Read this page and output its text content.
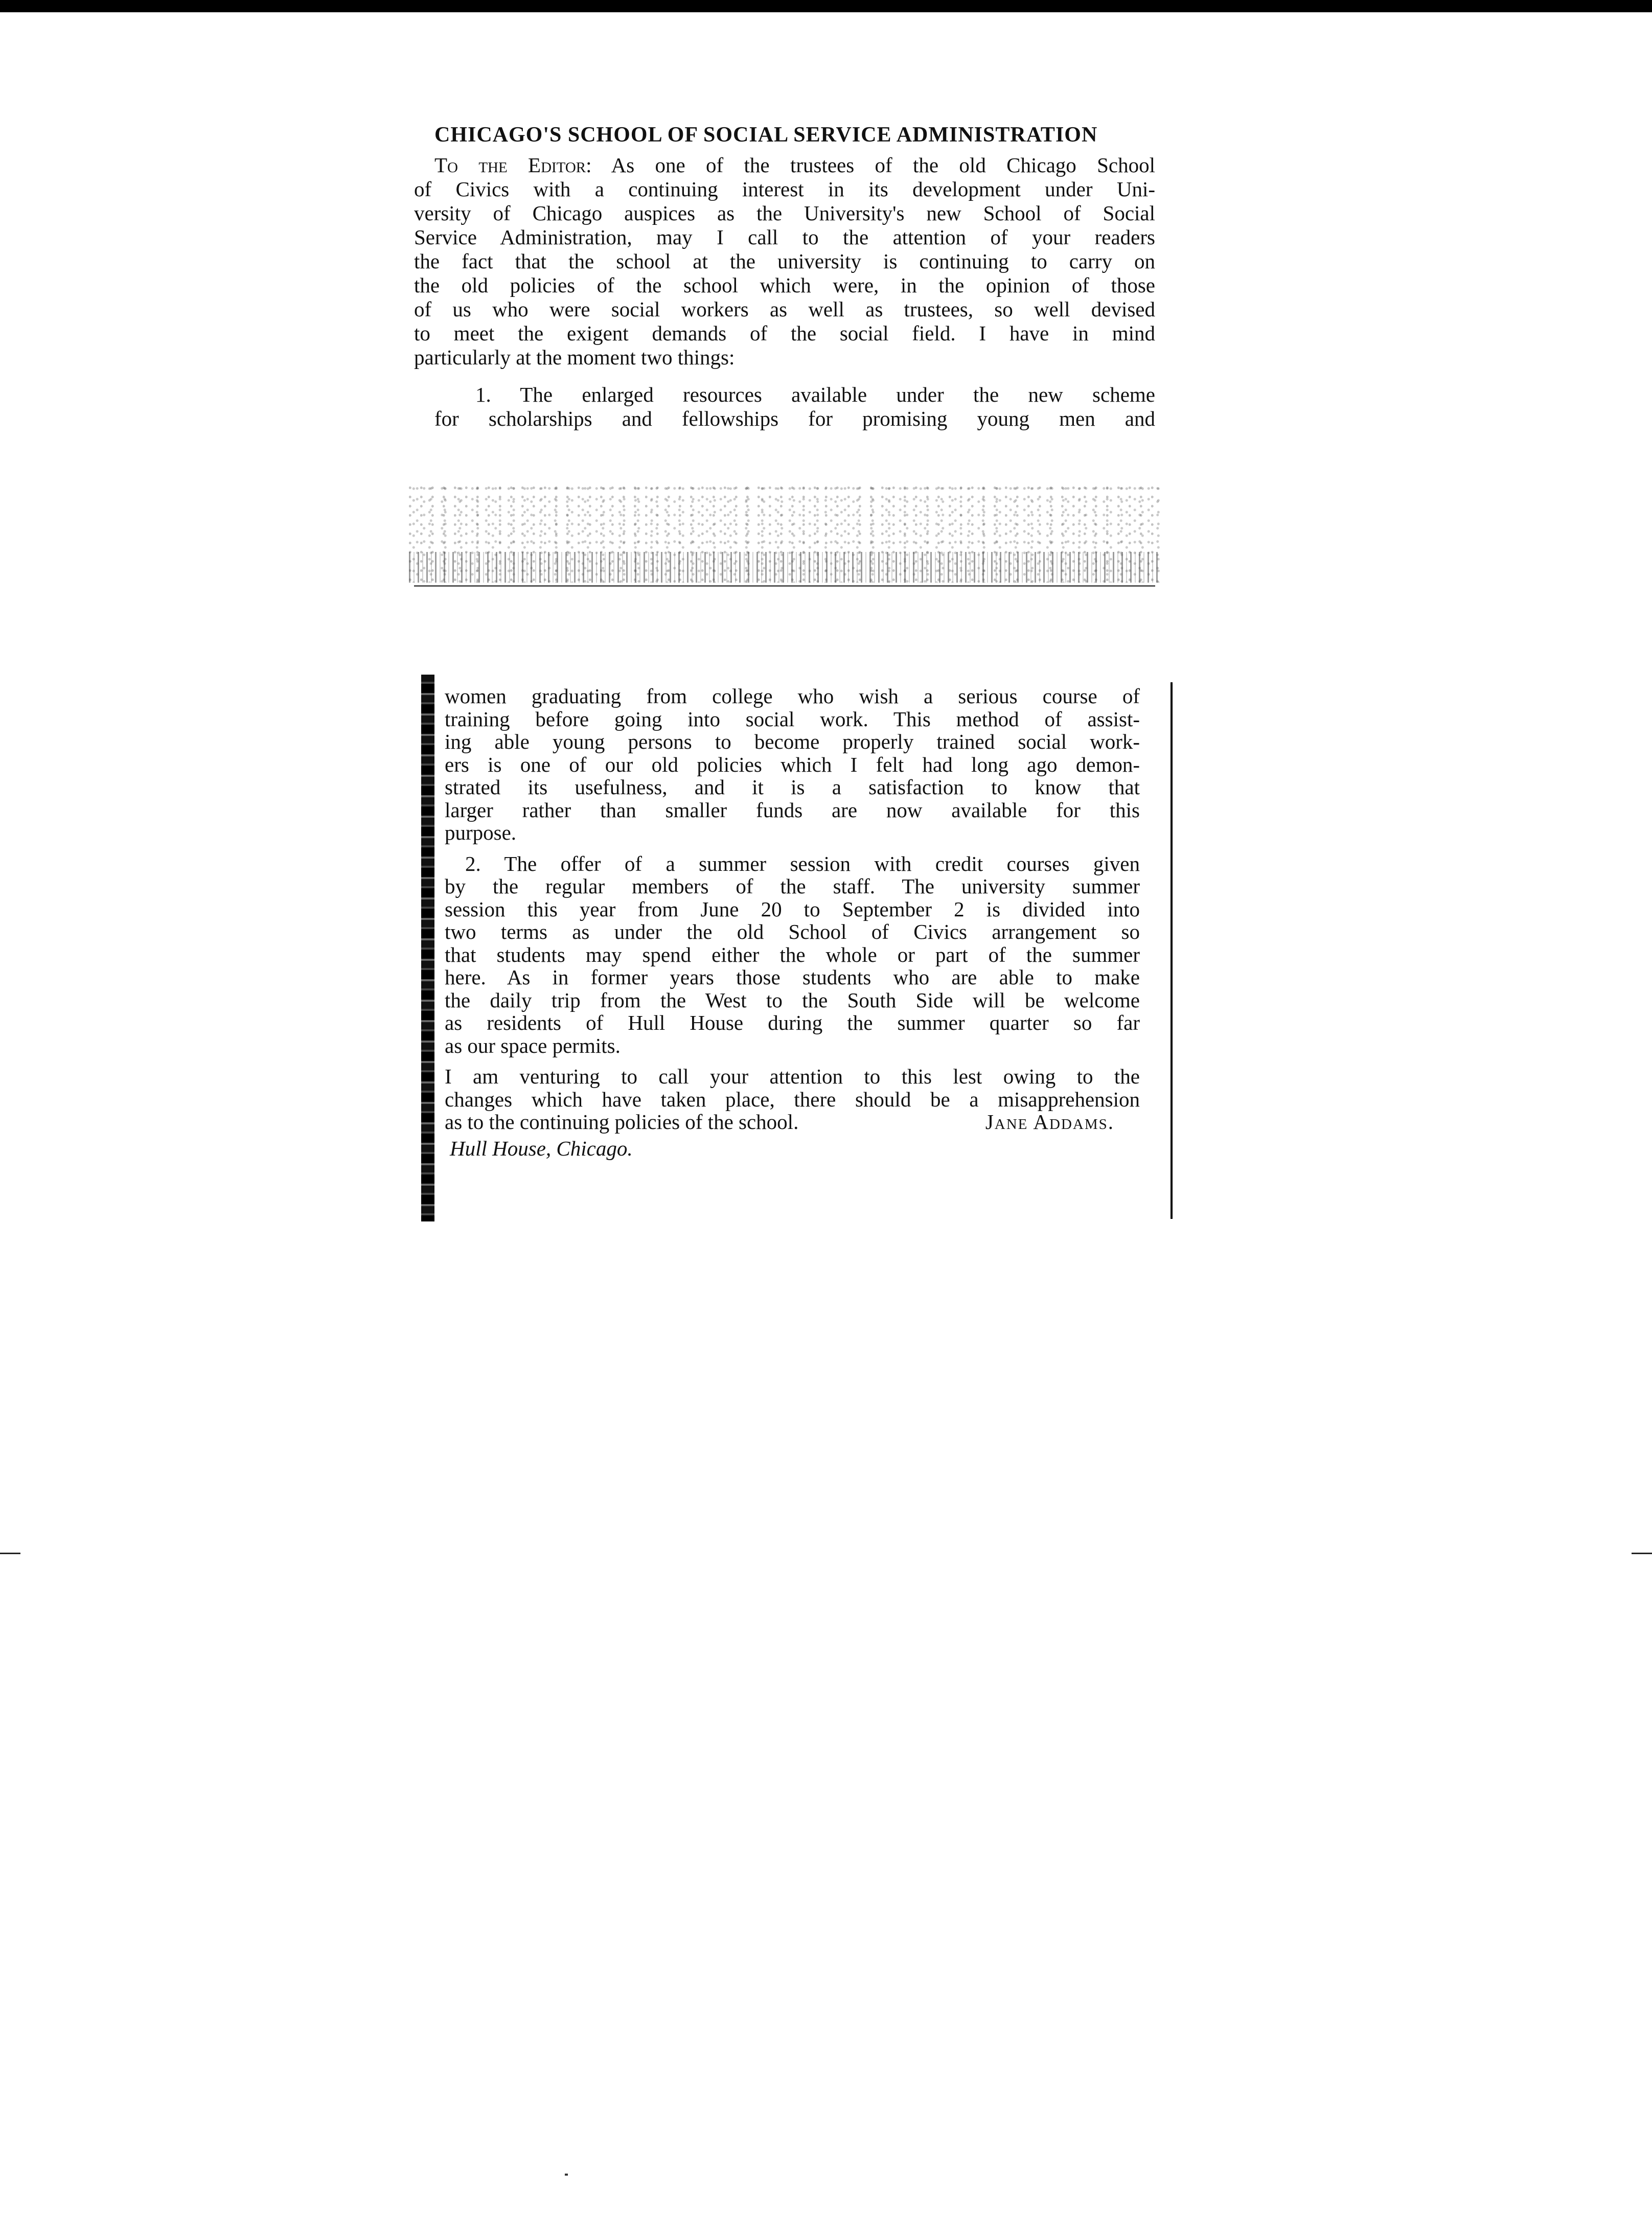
CHICAGO'S SCHOOL OF SOCIAL SERVICE ADMINISTRATION

To the Editor: As one of the trustees of the old Chicago School
of Civics with a continuing interest in its development under Uni-
versity of Chicago auspices as the University's new School of Social
Service Administration, may I call to the attention of your readers
the fact that the school at the university is continuing to carry on
the old policies of the school which were, in the opinion of those
of us who were social workers as well as trustees, so well devised
to meet the exigent demands of the social field. I have in mind
particularly at the moment two things:

1. The enlarged resources available under the new scheme
for scholarships and fellowships for promising young men and

women graduating from college who wish a serious course of
training before going into social work. This method of assist-
ing able young persons to become properly trained social work-
ers is one of our old policies which I felt had long ago demon-
strated its usefulness, and it is a satisfaction to know that
larger rather than smaller funds are now available for this
purpose.

2. The offer of a summer session with credit courses given
by the regular members of the staff. The university summer
session this year from June 20 to September 2 is divided into
two terms as under the old School of Civics arrangement so
that students may spend either the whole or part of the summer
here. As in former years those students who are able to make
the daily trip from the West to the South Side will be welcome
as residents of Hull House during the summer quarter so far
as our space permits.

I am venturing to call your attention to this lest owing to the
changes which have taken place, there should be a misapprehension
as to the continuing policies of the school.	Jane Addams.

Hull House, Chicago.
